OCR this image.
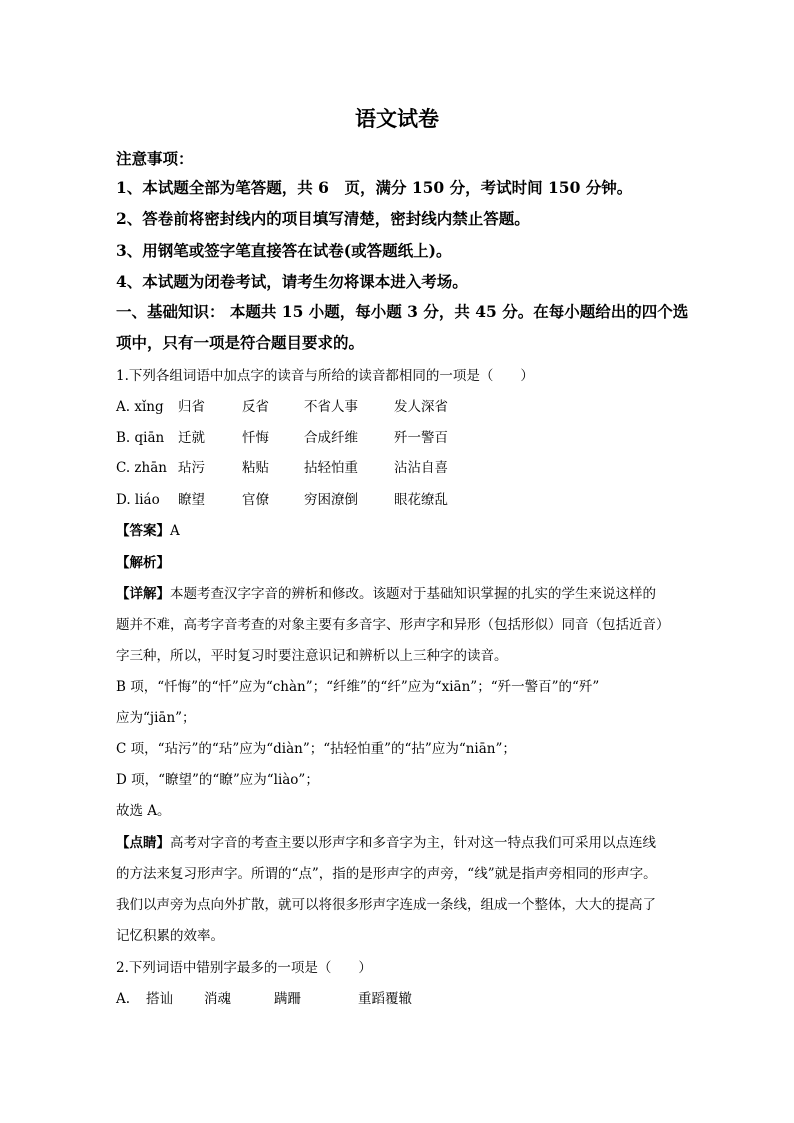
语文试卷
注意事项：
1、本试题全部为笔答题，共 6　页，满分 150 分，考试时间 150 分钟。
2、答卷前将密封线内的项目填写清楚，密封线内禁止答题。
3、用钢笔或签字笔直接答在试卷(或答题纸上)。
4、本试题为闭卷考试，请考生勿将课本进入考场。
一、基础知识： 本题共 15 小题，每小题 3 分，共 45 分。在每小题给出的四个选
项中，只有一项是符合题目要求的。
1.下列各组词语中加点字的读音与所给的读音都相同的一项是（　　）
A. xǐng 归省	反省	不省人事	发人深省
B. qiān 迁就	忏悔	合成纤维	歼一警百
C. zhān 玷污	粘贴	拈轻怕重	沾沾自喜
D. liáo 瞭望	官僚	穷困潦倒	眼花缭乱
【答案】A
【解析】
【详解】本题考查汉字字音的辨析和修改。该题对于基础知识掌握的扎实的学生来说这样的
题并不难，高考字音考查的对象主要有多音字、形声字和异形（包括形似）同音（包括近音）
字三种，所以，平时复习时要注意识记和辨析以上三种字的读音。
B 项，“忏悔”的“忏”应为“chàn”；“纤维”的“纤”应为“xiān”；“歼一警百”的“歼”
应为“jiān”；
C 项，“玷污”的“玷”应为“diàn”；“拈轻怕重”的“拈”应为“niān”；
D 项，“瞭望”的“瞭”应为“liào”；
故选 A。
【点睛】高考对字音的考查主要以形声字和多音字为主，针对这一特点我们可采用以点连线
的方法来复习形声字。所谓的“点”，指的是形声字的声旁，“线”就是指声旁相同的形声字。
我们以声旁为点向外扩散，就可以将很多形声字连成一条线，组成一个整体，大大的提高了
记忆积累的效率。
2.下列词语中错别字最多的一项是（　　）
A. 搭讪 消魂	蹒跚	重蹈覆辙
